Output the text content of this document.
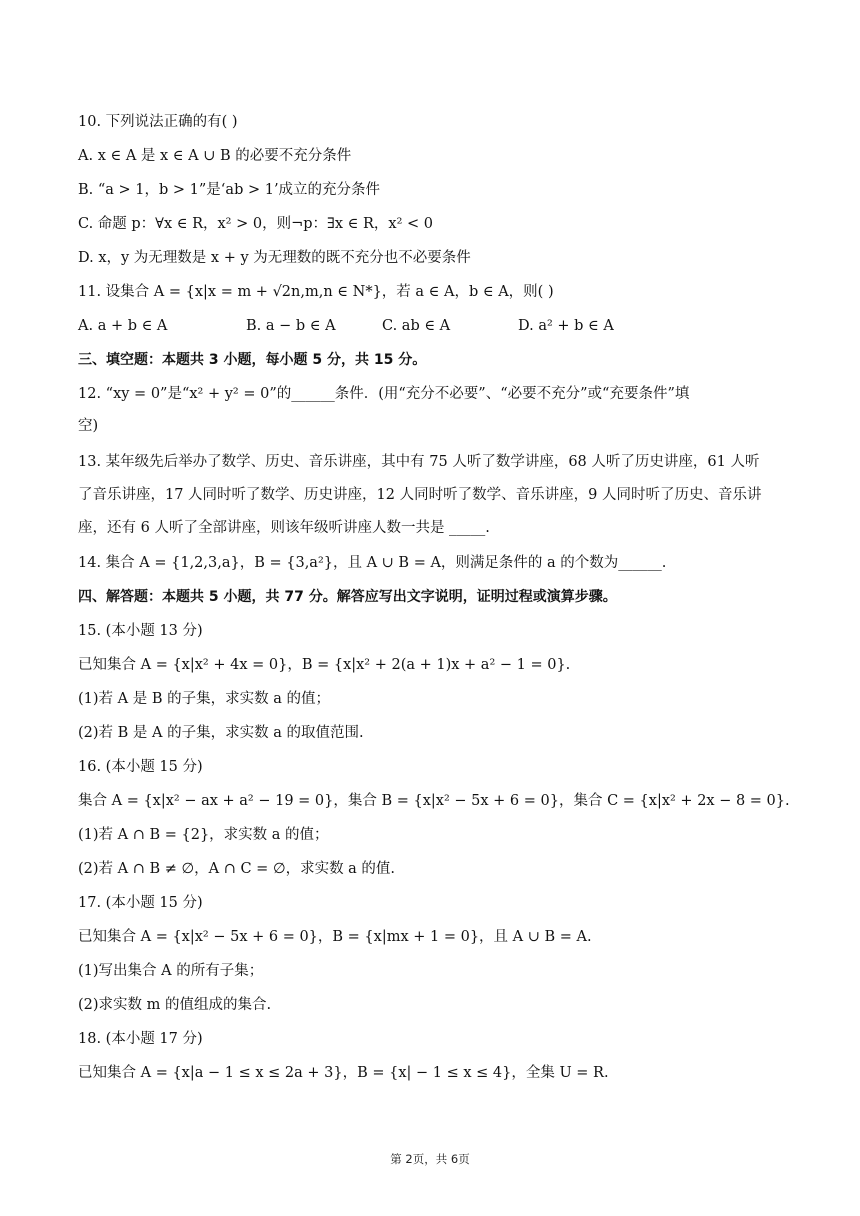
10. 下列说法正确的有( )
A. x ∈ A 是 x ∈ A ∪ B 的必要不充分条件
B. “a > 1，b > 1”是‘ab > 1’成立的充分条件
C. 命题 p：∀x ∈ R，x² > 0，则¬p：∃x ∈ R，x² < 0
D. x，y 为无理数是 x + y 为无理数的既不充分也不必要条件
11. 设集合 A = {x|x = m + √2n,m,n ∈ N*}，若 a ∈ A，b ∈ A，则( )
A. a + b ∈ A	B. a − b ∈ A	C. ab ∈ A	D. a² + b ∈ A
三、填空题：本题共 3 小题，每小题 5 分，共 15 分。
12. “xy = 0”是“x² + y² = 0”的______条件．(用“充分不必要”、“必要不充分”或“充要条件”填
空)
13. 某年级先后举办了数学、历史、音乐讲座，其中有 75 人听了数学讲座，68 人听了历史讲座，61 人听
了音乐讲座，17 人同时听了数学、历史讲座，12 人同时听了数学、音乐讲座，9 人同时听了历史、音乐讲
座，还有 6 人听了全部讲座，则该年级听讲座人数一共是 _____.
14. 集合 A = {1,2,3,a}，B = {3,a²}，且 A ∪ B = A，则满足条件的 a 的个数为______.
四、解答题：本题共 5 小题，共 77 分。解答应写出文字说明，证明过程或演算步骤。
15. (本小题 13 分)
已知集合 A = {x|x² + 4x = 0}，B = {x|x² + 2(a + 1)x + a² − 1 = 0}.
(1)若 A 是 B 的子集，求实数 a 的值；
(2)若 B 是 A 的子集，求实数 a 的取值范围.
16. (本小题 15 分)
集合 A = {x|x² − ax + a² − 19 = 0}，集合 B = {x|x² − 5x + 6 = 0}，集合 C = {x|x² + 2x − 8 = 0}.
(1)若 A ∩ B = {2}，求实数 a 的值；
(2)若 A ∩ B ≠ ∅，A ∩ C = ∅，求实数 a 的值.
17. (本小题 15 分)
已知集合 A = {x|x² − 5x + 6 = 0}，B = {x|mx + 1 = 0}，且 A ∪ B = A.
(1)写出集合 A 的所有子集；
(2)求实数 m 的值组成的集合.
18. (本小题 17 分)
已知集合 A = {x|a − 1 ≤ x ≤ 2a + 3}，B = {x| − 1 ≤ x ≤ 4}，全集 U = R.
第 2页，共 6页
